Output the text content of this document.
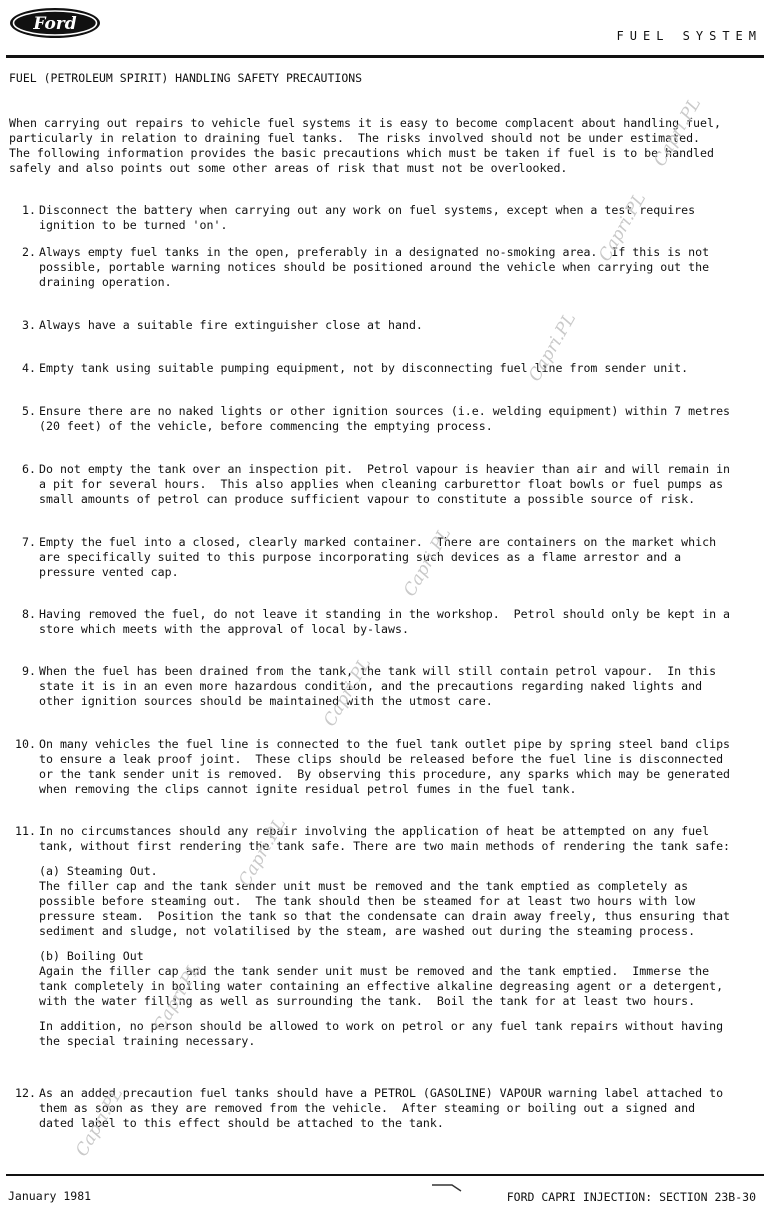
Ford
FUEL SYSTEM
FUEL (PETROLEUM SPIRIT) HANDLING SAFETY PRECAUTIONS
When carrying out repairs to vehicle fuel systems it is easy to become complacent about handling fuel,
particularly in relation to draining fuel tanks.  The risks involved should not be under estimated.
The following information provides the basic precautions which must be taken if fuel is to be handled
safely and also points out some other areas of risk that must not be overlooked.
1. Disconnect the battery when carrying out any work on fuel systems, except when a test requires
ignition to be turned 'on'.
2. Always empty fuel tanks in the open, preferably in a designated no-smoking area.  If this is not
possible, portable warning notices should be positioned around the vehicle when carrying out the
draining operation.
3. Always have a suitable fire extinguisher close at hand.
4. Empty tank using suitable pumping equipment, not by disconnecting fuel line from sender unit.
5. Ensure there are no naked lights or other ignition sources (i.e. welding equipment) within 7 metres
(20 feet) of the vehicle, before commencing the emptying process.
6. Do not empty the tank over an inspection pit.  Petrol vapour is heavier than air and will remain in
a pit for several hours.  This also applies when cleaning carburettor float bowls or fuel pumps as
small amounts of petrol can produce sufficient vapour to constitute a possible source of risk.
7. Empty the fuel into a closed, clearly marked container.  There are containers on the market which
are specifically suited to this purpose incorporating such devices as a flame arrestor and a
pressure vented cap.
8. Having removed the fuel, do not leave it standing in the workshop.  Petrol should only be kept in a
store which meets with the approval of local by-laws.
9. When the fuel has been drained from the tank, the tank will still contain petrol vapour.  In this
state it is in an even more hazardous condition, and the precautions regarding naked lights and
other ignition sources should be maintained with the utmost care.
10. On many vehicles the fuel line is connected to the fuel tank outlet pipe by spring steel band clips
to ensure a leak proof joint.  These clips should be released before the fuel line is disconnected
or the tank sender unit is removed.  By observing this procedure, any sparks which may be generated
when removing the clips cannot ignite residual petrol fumes in the fuel tank.
11. In no circumstances should any repair involving the application of heat be attempted on any fuel
tank, without first rendering the tank safe. There are two main methods of rendering the tank safe:
(a) Steaming Out.
The filler cap and the tank sender unit must be removed and the tank emptied as completely as
possible before steaming out.  The tank should then be steamed for at least two hours with low
pressure steam.  Position the tank so that the condensate can drain away freely, thus ensuring that
sediment and sludge, not volatilised by the steam, are washed out during the steaming process.
(b) Boiling Out
Again the filler cap and the tank sender unit must be removed and the tank emptied.  Immerse the
tank completely in boiling water containing an effective alkaline degreasing agent or a detergent,
with the water filling as well as surrounding the tank.  Boil the tank for at least two hours.
In addition, no person should be allowed to work on petrol or any fuel tank repairs without having
the special training necessary.
12. As an added precaution fuel tanks should have a PETROL (GASOLINE) VAPOUR warning label attached to
them as soon as they are removed from the vehicle.  After steaming or boiling out a signed and
dated label to this effect should be attached to the tank.
Capri.PL
Capri.PL
Capri.PL
Capri.PL
Capri.PL
Capri.PL
Capri.PL
Capri.PL
January 1981	FORD CAPRI INJECTION: SECTION 23B-30
